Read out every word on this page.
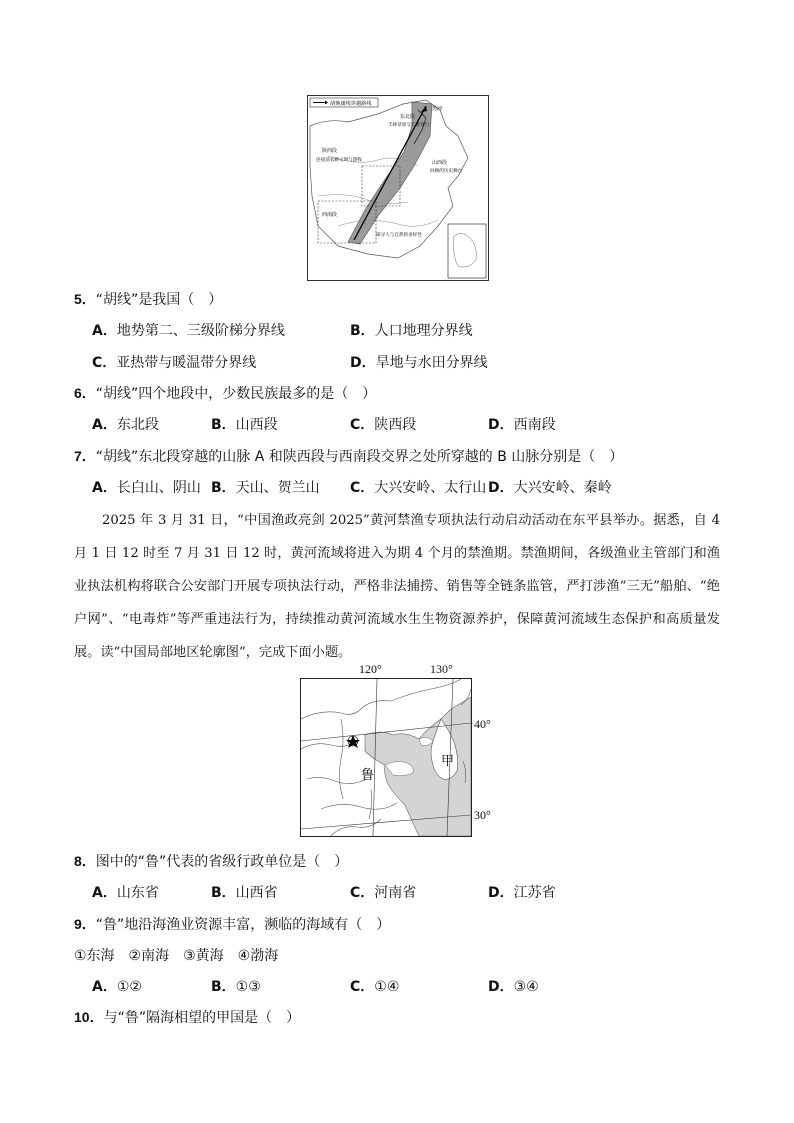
胡焕庸线穿越路线
黑河
东北段
丰林草原交汇处穿行
陕西段
连接前农耕文明与游牧	山西段
回顾的历史舞台
西南段
探寻人与自然的多样性
5．“胡线”是我国（　）
A．地势第二、三级阶梯分界线	B．人口地理分界线
C．亚热带与暖温带分界线	D．旱地与水田分界线
6．“胡线”四个地段中，少数民族最多的是（　）
A．东北段	B．山西段	C．陕西段	D．西南段
7．“胡线”东北段穿越的山脉 A 和陕西段与西南段交界之处所穿越的 B 山脉分别是（　）
A．长白山、阴山 B．天山、贺兰山 C．大兴安岭、太行山 D．大兴安岭、秦岭
2025 年 3 月 31 日，“中国渔政亮剑 2025”黄河禁渔专项执法行动启动活动在东平县举办。据悉，自 4 月 1 日 12 时至 7 月 31 日 12 时，黄河流域将进入为期 4 个月的禁渔期。禁渔期间，各级渔业主管部门和渔业执法机构将联合公安部门开展专项执法行动，严格非法捕捞、销售等全链条监管，严打涉渔“三无”船舶、“绝户网”、“电毒炸”等严重违法行为，持续推动黄河流域水生生物资源养护，保障黄河流域生态保护和高质量发展。读“中国局部地区轮廓图”，完成下面小题。
120°	130°
40°
30°
鲁
甲
8．图中的“鲁”代表的省级行政单位是（　）
A．山东省	B．山西省	C．河南省	D．江苏省
9．“鲁”地沿海渔业资源丰富，濒临的海域有（　）
①东海　②南海　③黄海　④渤海
A．①②	B．①③	C．①④	D．③④
10．与“鲁”隔海相望的甲国是（　）
